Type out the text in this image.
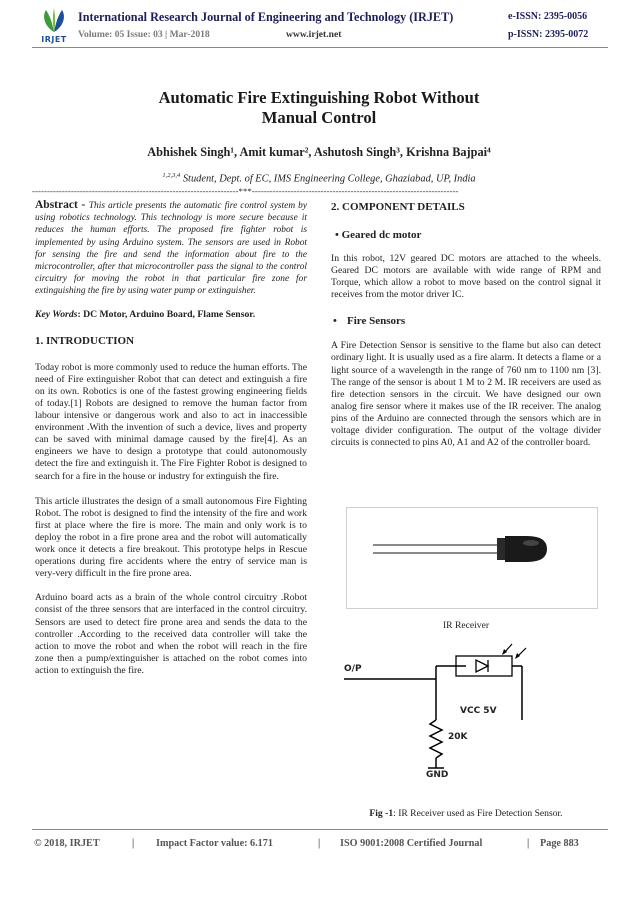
IRJET
International Research Journal of Engineering and Technology (IRJET)	e-ISSN: 2395-0056
Volume: 05 Issue: 03 | Mar-2018	www.irjet.net	p-ISSN: 2395-0072
Automatic Fire Extinguishing Robot Without
Manual Control
Abhishek Singh¹, Amit kumar², Ashutosh Singh³, Krishna Bajpai⁴
$^{1,2,3,4}$ Student, Dept. of EC, IMS Engineering College, Ghaziabad, UP, India
---------------------------------------------------------------------***---------------------------------------------------------------------

Abstract - This article presents the automatic fire control system by using robotics technology. This technology is more secure because it reduces the human efforts. The proposed fire fighter robot is implemented by using Arduino system. The sensors are used in Robot for sensing the fire and send the information about fire to the microcontroller, after that microcontroller pass the signal to the control circuitry for moving the robot in that particular fire zone for extinguishing the fire by using water pump or extinguisher.

Key Words: DC Motor, Arduino Board, Flame Sensor.

1. INTRODUCTION

Today robot is more commonly used to reduce the human efforts. The need of Fire extinguisher Robot that can detect and extinguish a fire on its own. Robotics is one of the fastest growing engineering fields of today.[1] Robots are designed to remove the human factor from labour intensive or dangerous work and also to act in inaccessible environment .With the invention of such a device, lives and property can be saved with minimal damage caused by the fire[4]. As an engineers we have to design a prototype that could autonomously detect the fire and extinguish it. The Fire Fighter Robot is designed to search for a fire in the house or industry for extinguish the fire.

This article illustrates the design of a small autonomous Fire Fighting Robot. The robot is designed to find the intensity of the fire and work first at place where the fire is more. The main and only work is to deploy the robot in a fire prone area and the robot will automatically work once it detects a fire breakout. This prototype helps in Rescue operations during fire accidents where the entry of service man is very-very difficult in the fire prone area.

Arduino board acts as a brain of the whole control circuitry .Robot consist of the three sensors that are interfaced in the control circuitry. Sensors are used to detect fire prone area and sends the data to the controller .According to the received data controller will take the action to move the robot and when the robot will reach in the fire zone then a pump/extinguisher is attached on the robot comes into action to extinguish the fire.

2. COMPONENT DETAILS

• Geared dc motor

In this robot, 12V geared DC motors are attached to the wheels. Geared DC motors are available with wide range of RPM and Torque, which allow a robot to move based on the control signal it receives from the motor driver IC.

• Fire Sensors

A Fire Detection Sensor is sensitive to the flame but also can detect ordinary light. It is usually used as a fire alarm. It detects a flame or a light source of a wavelength in the range of 760 nm to 1100 nm [3]. The range of the sensor is about 1 M to 2 M. IR receivers are used as fire detection sensors in the circuit. We have designed our own analog fire sensor where it makes use of the IR receiver. The analog pins of the Arduino are connected through the sensors which are in voltage divider configuration. The output of the voltage divider circuits is connected to pins A0, A1 and A2 of the controller board.

IR Receiver
O/P
VCC 5V
20K
GND
Fig -1: IR Receiver used as Fire Detection Sensor.
© 2018, IRJET	| Impact Factor value: 6.171	| ISO 9001:2008 Certified Journal	| Page 883
